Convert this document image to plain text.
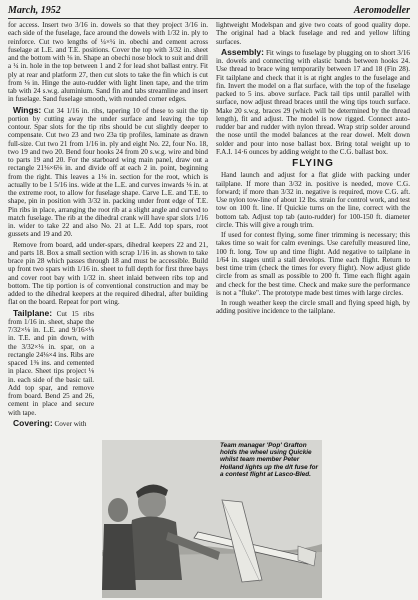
March, 1952	Aeromodeller

for access. Insert two 3/16 in. dowels so that they project 3/16 in. each side of the fuselage, face around the dowels with 1/32 in. ply to reinforce. Cut two lengths of ¼×¼ in. obechi and cement across fuselage at L.E. and T.E. positions. Cover the top with 3/32 in. sheet and the bottom with ⅛ in. Shape an obechi nose block to suit and drill a ¼ in. hole in the top between 1 and 2 for lead shot ballast entry. Fit ply at rear and platform 27, then cut slots to take the fin which is cut from ⅛ in. Hinge the auto-rudder with light linen tape, and the trim tab with 24 s.w.g. aluminium. Sand fin and tabs streamline and insert in fuselage. Sand fuselage smooth, with rounded corner edges.

Wings: Cut 34 1/16 in. ribs, tapering 10 of these to suit the tip portion by cutting away the under surface and leaving the top contour. Spar slots for the tip ribs should be cut slightly deeper to compensate. Cut two 23 and two 23a tip profiles, laminate as drawn full-size. Cut two 21 from 1/16 in. ply and eight No. 22, four No. 18, two 19 and two 20. Bend four hooks 24 from 20 s.w.g. wire and bind to parts 19 and 20. For the starboard wing main panel, draw out a rectangle 21⅛×6⅛ in. and divide off at each 2 in. point, beginning from the right. This leaves a 1⅛ in. section for the root, which is actually to be 1 5/16 ins. wide at the L.E. and curves inwards ⅛ in. at the extreme root, to allow for fuselage shape. Carve L.E. and T.E. to shape, pin in position with 3/32 in. packing under front edge of T.E. Pin ribs in place, arranging the root rib at a slight angle and curved to match fuselage. The rib at the dihedral crank will have spar slots 1/16 in. wider to take 22 and also No. 21 at L.E. Add top spars, root gussets and 19 and 20.

Remove from board, add under-spars, dihedral keepers 22 and 21, and parts 18. Box a small section with scrap 1/16 in. as shown to take brace pin 28 which passes through 18 and must be accessible. Build up front two spars with 1/16 in. sheet to full depth for first three bays and cover root bay with 1/32 in. sheet inlaid between ribs top and bottom. The tip portion is of conventional construction and may be added to the dihedral keepers at the required dihedral, after building flat on the board. Repeat for port wing.

Tailplane: Cut 15 ribs from 1/16 in. sheet, shape the 7/32×⅛ in. L.E. and 9/16×⅛ in. T.E. and pin down, with the 3/32×⅛ in. spar, on a rectangle 24⅛×4 ins. Ribs are spaced 1⅜ ins. and cemented in place. Sheet tips project ⅛ in. each side of the basic tail. Add top spar, and remove from board. Bend 25 and 26, cement in place and secure with tape.

Covering: Cover with

lightweight Modelspan and give two coats of good quality dope. The original had a black fuselage and red and yellow lifting surfaces.

Assembly: Fit wings to fuselage by plugging on to short 3/16 in. dowels and connecting with elastic bands between hooks 24. Use thread to brace wing temporarily between 17 and 18 (Fin 28). Fit tailplane and check that it is at right angles to the fuselage and fin. Invert the model on a flat surface, with the top of the fuselage packed to 5 ins. above surface. Pack tail tips until parallel with surface, now adjust thread braces until the wing tips touch surface. Make 20 s.w.g. braces 29 (which will be determined by the thread length), fit and adjust. The model is now rigged. Connect auto-rudder bar and rudder with nylon thread. Wrap strip solder around the nose until the model balances at the rear dowel. Melt down solder and pour into nose ballast box. Bring total weight up to F.A.I. 14·6 ounces by adding weight to the C.G. ballast box.

FLYING

Hand launch and adjust for a flat glide with packing under tailplane. If more than 3/32 in. positive is needed, move C.G. forward; if more than 3/32 in. negative is required, move C.G. aft. Use nylon tow-line of about 12 lbs. strain for control work, and test tow on 100 ft. line. If Quickie turns on the line, correct with the bottom tab. Adjust top tab (auto-rudder) for 100-150 ft. diameter circle. This will give a rough trim.

If used for contest flying, some finer trimming is necessary; this takes time so wait for calm evenings. Use carefully measured line, 100 ft. long. Tow up and time flight. Add negative to tailplane in 1/64 in. stages until a stall develops. Time each flight. Return to best time trim (check the times for every flight). Now adjust glide circle from as small as possible to 200 ft. Time each flight again and check for the best time. Check and make sure the performance is not a "fluke". The prototype made best times with large circles.

In rough weather keep the circle small and flying speed high, by adding positive incidence to the tailplane.

Team manager 'Pop' Grafton holds the wheel using Quickie whilst team member Peter Holland lights up the d/t fuse for a contest flight at Lasco-Bled.
